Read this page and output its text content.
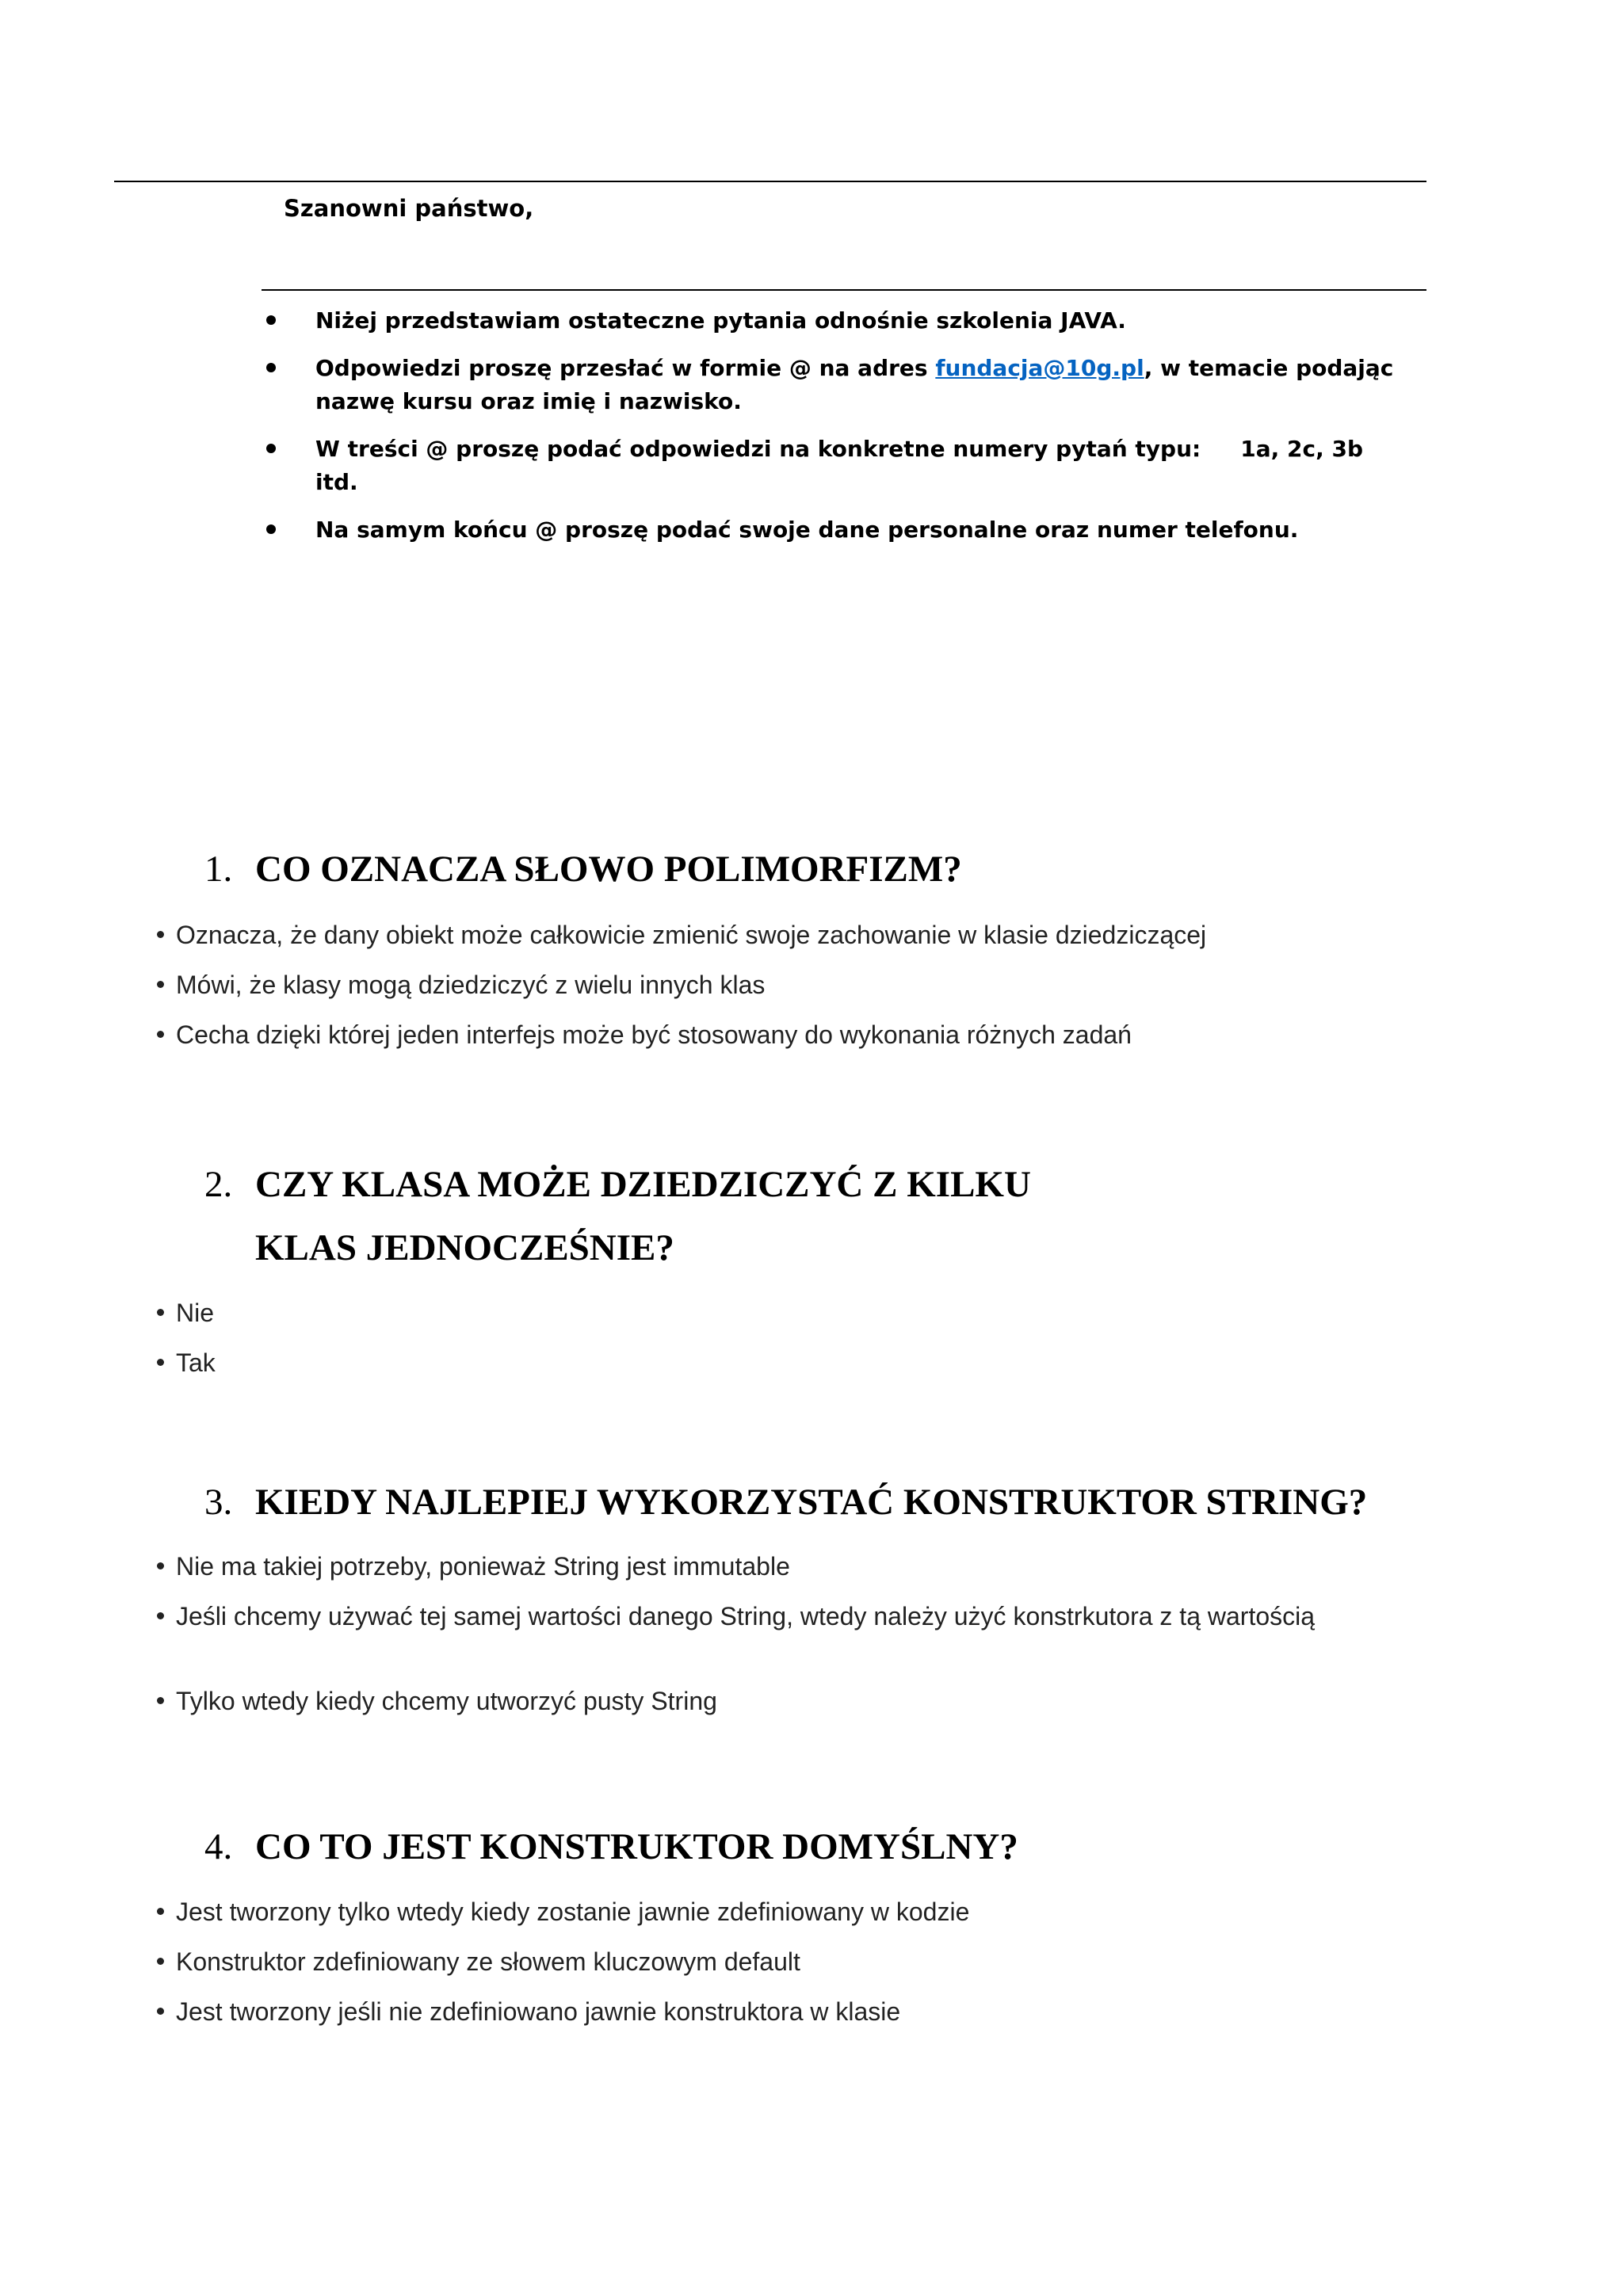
Szanowni państwo,
Niżej przedstawiam ostateczne pytania odnośnie szkolenia JAVA.
Odpowiedzi proszę przesłać w formie @ na adres fundacja@10g.pl, w temacie podając nazwę kursu oraz imię i nazwisko.
W treści @ proszę podać odpowiedzi na konkretne numery pytań typu: 1a, 2c, 3b itd.
Na samym końcu @ proszę podać swoje dane personalne oraz numer telefonu.
1. CO OZNACZA SŁOWO POLIMORFIZM?
Oznacza, że dany obiekt może całkowicie zmienić swoje zachowanie w klasie dziedziczącej
Mówi, że klasy mogą dziedziczyć z wielu innych klas
Cecha dzięki której jeden interfejs może być stosowany do wykonania różnych zadań
2. CZY KLASA MOŻE DZIEDZICZYĆ Z KILKU
KLAS JEDNOCZEŚNIE?
Nie
Tak
3. KIEDY NAJLEPIEJ WYKORZYSTAĆ KONSTRUKTOR STRING?
Nie ma takiej potrzeby, ponieważ String jest immutable
Jeśli chcemy używać tej samej wartości danego String, wtedy należy użyć konstrkutora z tą wartością
Tylko wtedy kiedy chcemy utworzyć pusty String
4. CO TO JEST KONSTRUKTOR DOMYŚLNY?
Jest tworzony tylko wtedy kiedy zostanie jawnie zdefiniowany w kodzie
Konstruktor zdefiniowany ze słowem kluczowym default
Jest tworzony jeśli nie zdefiniowano jawnie konstruktora w klasie
